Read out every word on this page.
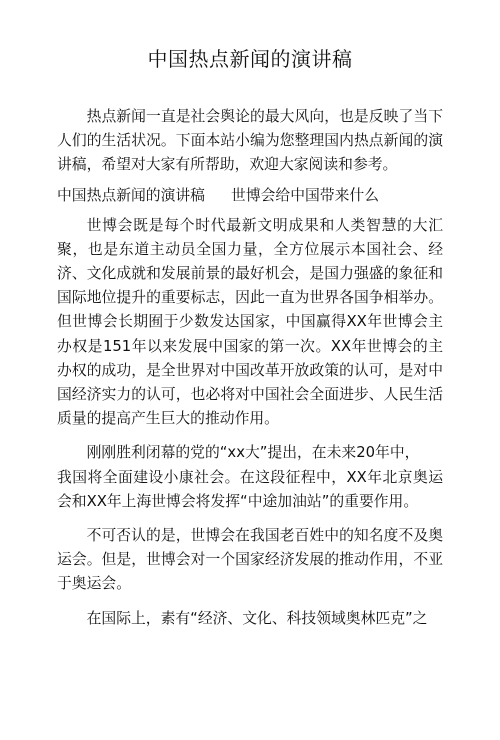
中国热点新闻的演讲稿

热点新闻一直是社会舆论的最大风向，也是反映了当下人们的生活状况。下面本站小编为您整理国内热点新闻的演讲稿，希望对大家有所帮助，欢迎大家阅读和参考。

中国热点新闻的演讲稿 世博会给中国带来什么

世博会既是每个时代最新文明成果和人类智慧的大汇聚，也是东道主动员全国力量，全方位展示本国社会、经济、文化成就和发展前景的最好机会，是国力强盛的象征和国际地位提升的重要标志，因此一直为世界各国争相举办。但世博会长期囿于少数发达国家，中国赢得XX年世博会主办权是151年以来发展中国家的第一次。XX年世博会的主办权的成功，是全世界对中国改革开放政策的认可，是对中国经济实力的认可，也必将对中国社会全面进步、人民生活质量的提高产生巨大的推动作用。

刚刚胜利闭幕的党的“xx大”提出，在未来20年中，

我国将全面建设小康社会。在这段征程中，XX年北京奥运会和XX年上海世博会将发挥“中途加油站”的重要作用。

不可否认的是，世博会在我国老百姓中的知名度不及奥运会。但是，世博会对一个国家经济发展的推动作用，不亚于奥运会。

在国际上，素有“经济、文化、科技领域奥林匹克”之
